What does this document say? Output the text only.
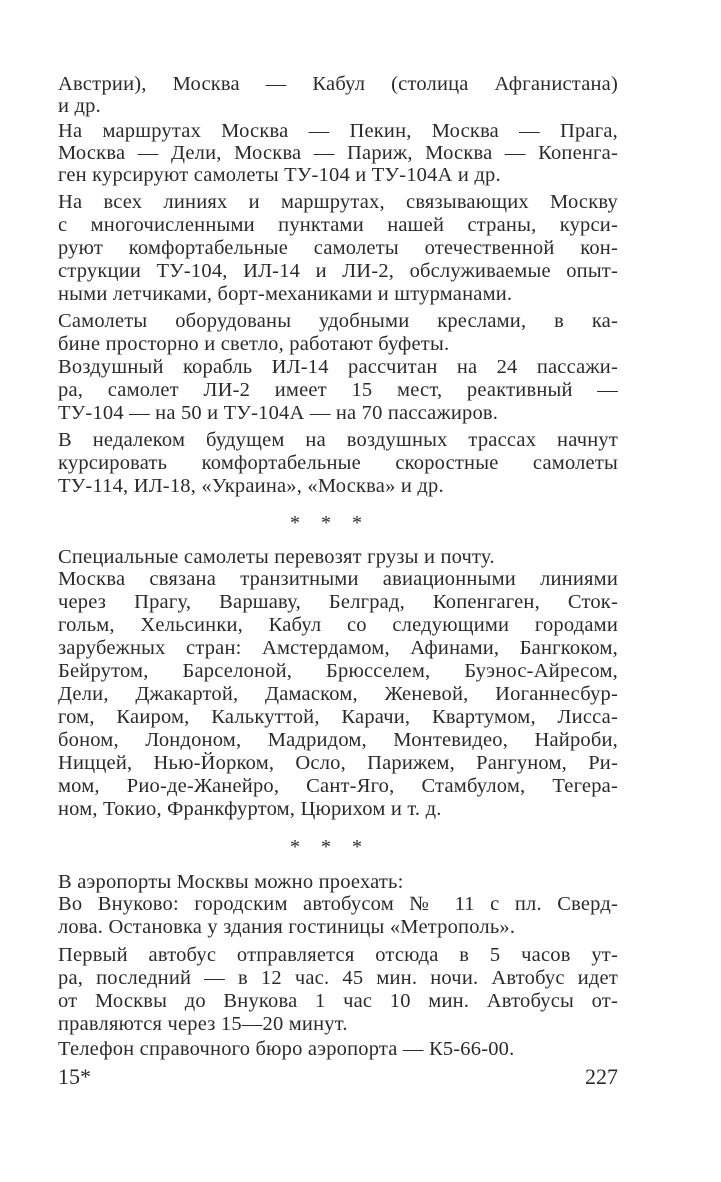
Австрии), Москва — Кабул (столица Афганистана)
и др.
На маршрутах Москва — Пекин, Москва — Прага,
Москва — Дели, Москва — Париж, Москва — Копенга-
ген курсируют самолеты ТУ-104 и ТУ-104А и др.
На всех линиях и маршрутах, связывающих Москву
с многочисленными пунктами нашей страны, курси-
руют комфортабельные самолеты отечественной кон-
струкции ТУ-104, ИЛ-14 и ЛИ-2, обслуживаемые опыт-
ными летчиками, борт-механиками и штурманами.
Самолеты оборудованы удобными креслами, в ка-
бине просторно и светло, работают буфеты.
Воздушный корабль ИЛ-14 рассчитан на 24 пассажи-
ра, самолет ЛИ-2 имеет 15 мест, реактивный —
ТУ-104 — на 50 и ТУ-104А — на 70 пассажиров.
В недалеком будущем на воздушных трассах начнут
курсировать комфортабельные скоростные самолеты
ТУ-114, ИЛ-18, «Украина», «Москва» и др.
* * *
Специальные самолеты перевозят грузы и почту.
Москва связана транзитными авиационными линиями
через Прагу, Варшаву, Белград, Копенгаген, Сток-
гольм, Хельсинки, Кабул со следующими городами
зарубежных стран: Амстердамом, Афинами, Бангкоком,
Бейрутом, Барселоной, Брюсселем, Буэнос-Айресом,
Дели, Джакартой, Дамаском, Женевой, Иоганнесбур-
гом, Каиром, Калькуттой, Карачи, Квартумом, Лисса-
боном, Лондоном, Мадридом, Монтевидео, Найроби,
Ниццей, Нью-Йорком, Осло, Парижем, Рангуном, Ри-
мом, Рио-де-Жанейро, Сант-Яго, Стамбулом, Тегера-
ном, Токио, Франкфуртом, Цюрихом и т. д.
* * *
В аэропорты Москвы можно проехать:
Во Внуково: городским автобусом № 11 с пл. Сверд-
лова. Остановка у здания гостиницы «Метрополь».
Первый автобус отправляется отсюда в 5 часов ут-
ра, последний — в 12 час. 45 мин. ночи. Автобус идет
от Москвы до Внукова 1 час 10 мин. Автобусы от-
правляются через 15—20 минут.
Телефон справочного бюро аэропорта — К5-66-00.
15*	227
